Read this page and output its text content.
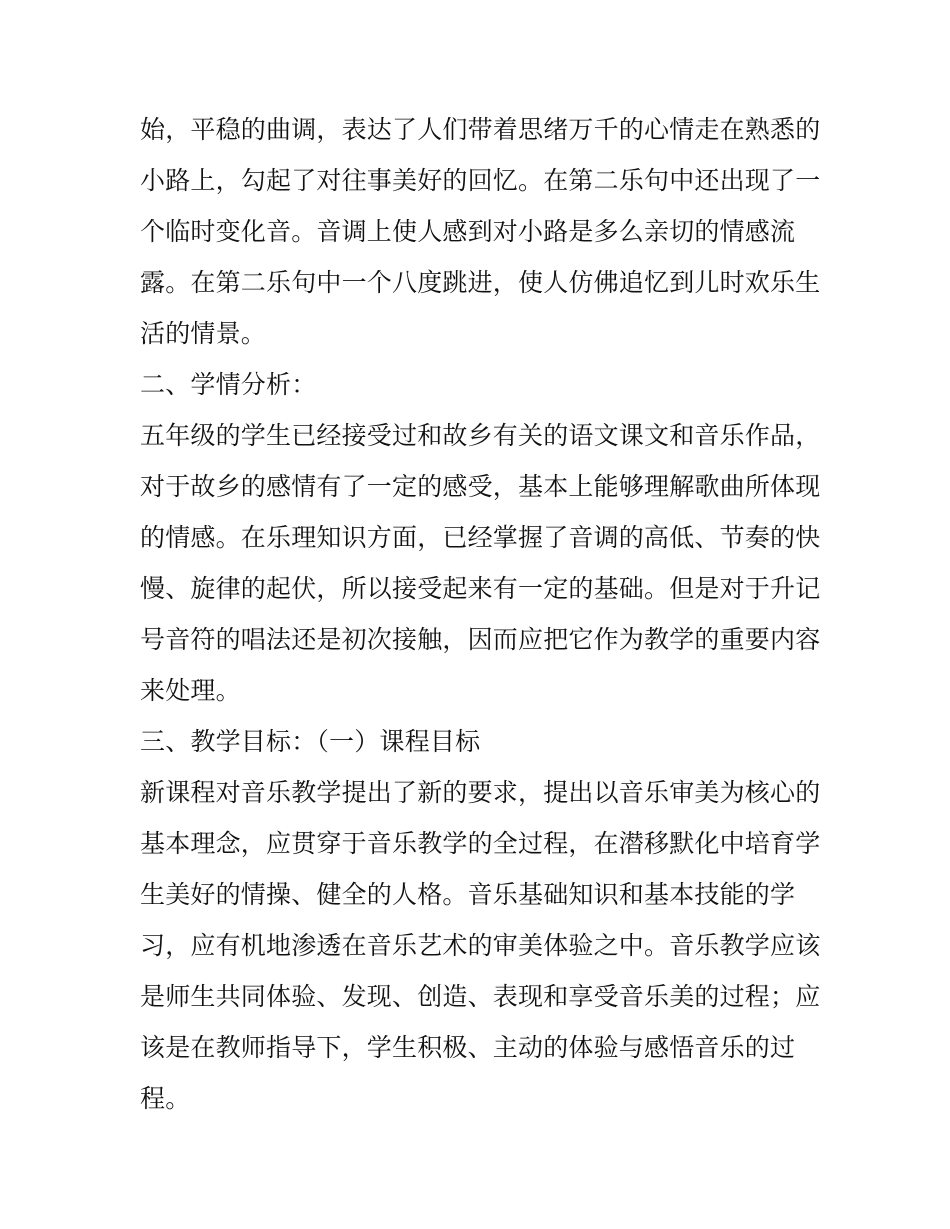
始，平稳的曲调，表达了人们带着思绪万千的心情走在熟悉的
小路上，勾起了对往事美好的回忆。在第二乐句中还出现了一
个临时变化音。音调上使人感到对小路是多么亲切的情感流
露。在第二乐句中一个八度跳进，使人仿佛追忆到儿时欢乐生
活的情景。
二、学情分析：
五年级的学生已经接受过和故乡有关的语文课文和音乐作品，
对于故乡的感情有了一定的感受，基本上能够理解歌曲所体现
的情感。在乐理知识方面，已经掌握了音调的高低、节奏的快
慢、旋律的起伏，所以接受起来有一定的基础。但是对于升记
号音符的唱法还是初次接触，因而应把它作为教学的重要内容
来处理。
三、教学目标：（一）课程目标
新课程对音乐教学提出了新的要求，提出以音乐审美为核心的
基本理念，应贯穿于音乐教学的全过程，在潜移默化中培育学
生美好的情操、健全的人格。音乐基础知识和基本技能的学
习，应有机地渗透在音乐艺术的审美体验之中。音乐教学应该
是师生共同体验、发现、创造、表现和享受音乐美的过程；应
该是在教师指导下，学生积极、主动的体验与感悟音乐的过
程。
